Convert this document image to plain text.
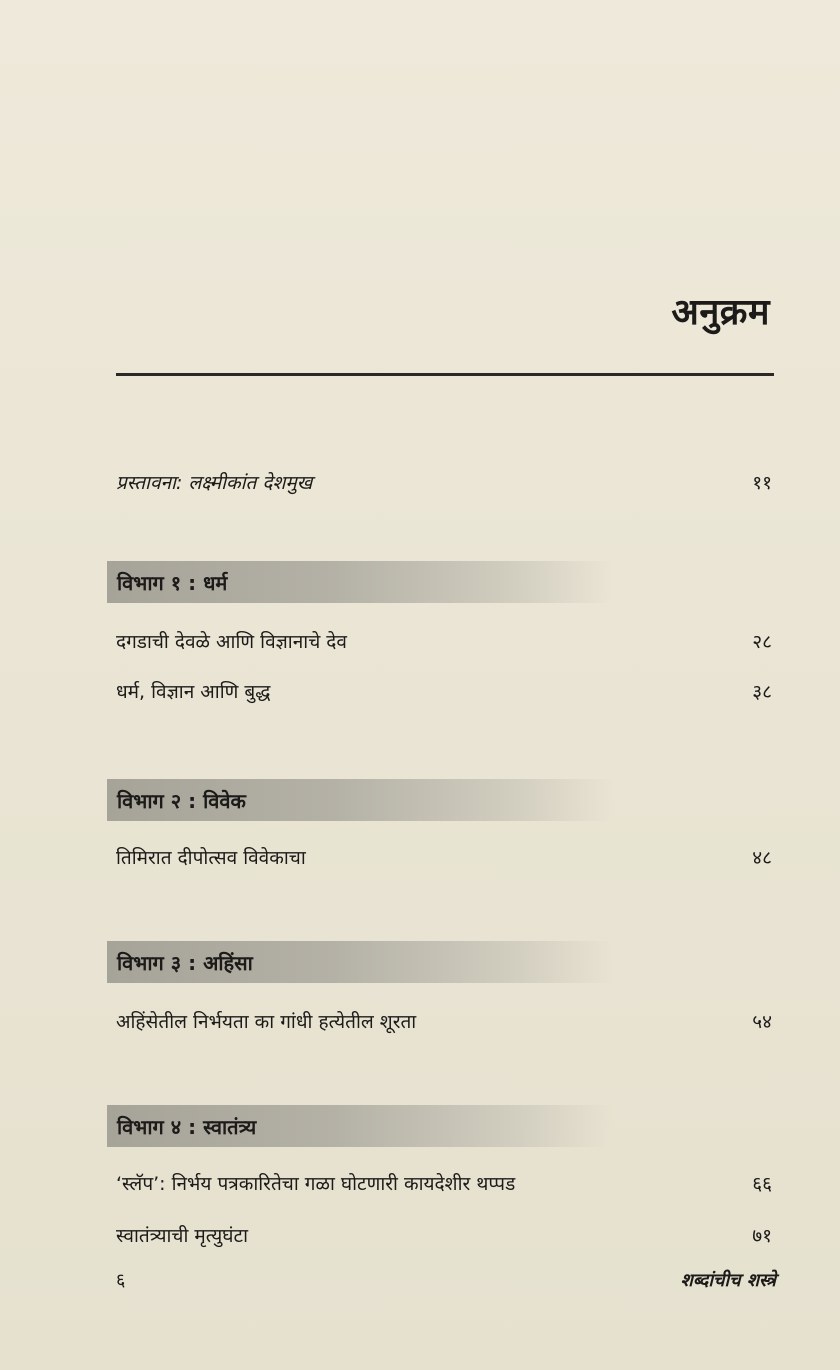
अनुक्रम
प्रस्तावना: लक्ष्मीकांत देशमुख	११
विभाग १ : धर्म
दगडाची देवळे आणि विज्ञानाचे देव	२८
धर्म, विज्ञान आणि बुद्ध	३८
विभाग २ : विवेक
तिमिरात दीपोत्सव विवेकाचा	४८
विभाग ३ : अहिंसा
अहिंसेतील निर्भयता का गांधी हत्येतील शूरता	५४
विभाग ४ : स्वातंत्र्य
‘स्लॅप’: निर्भय पत्रकारितेचा गळा घोटणारी कायदेशीर थप्पड	६६
स्वातंत्र्याची मृत्युघंटा	७१
६	शब्दांचीच शस्त्रे
